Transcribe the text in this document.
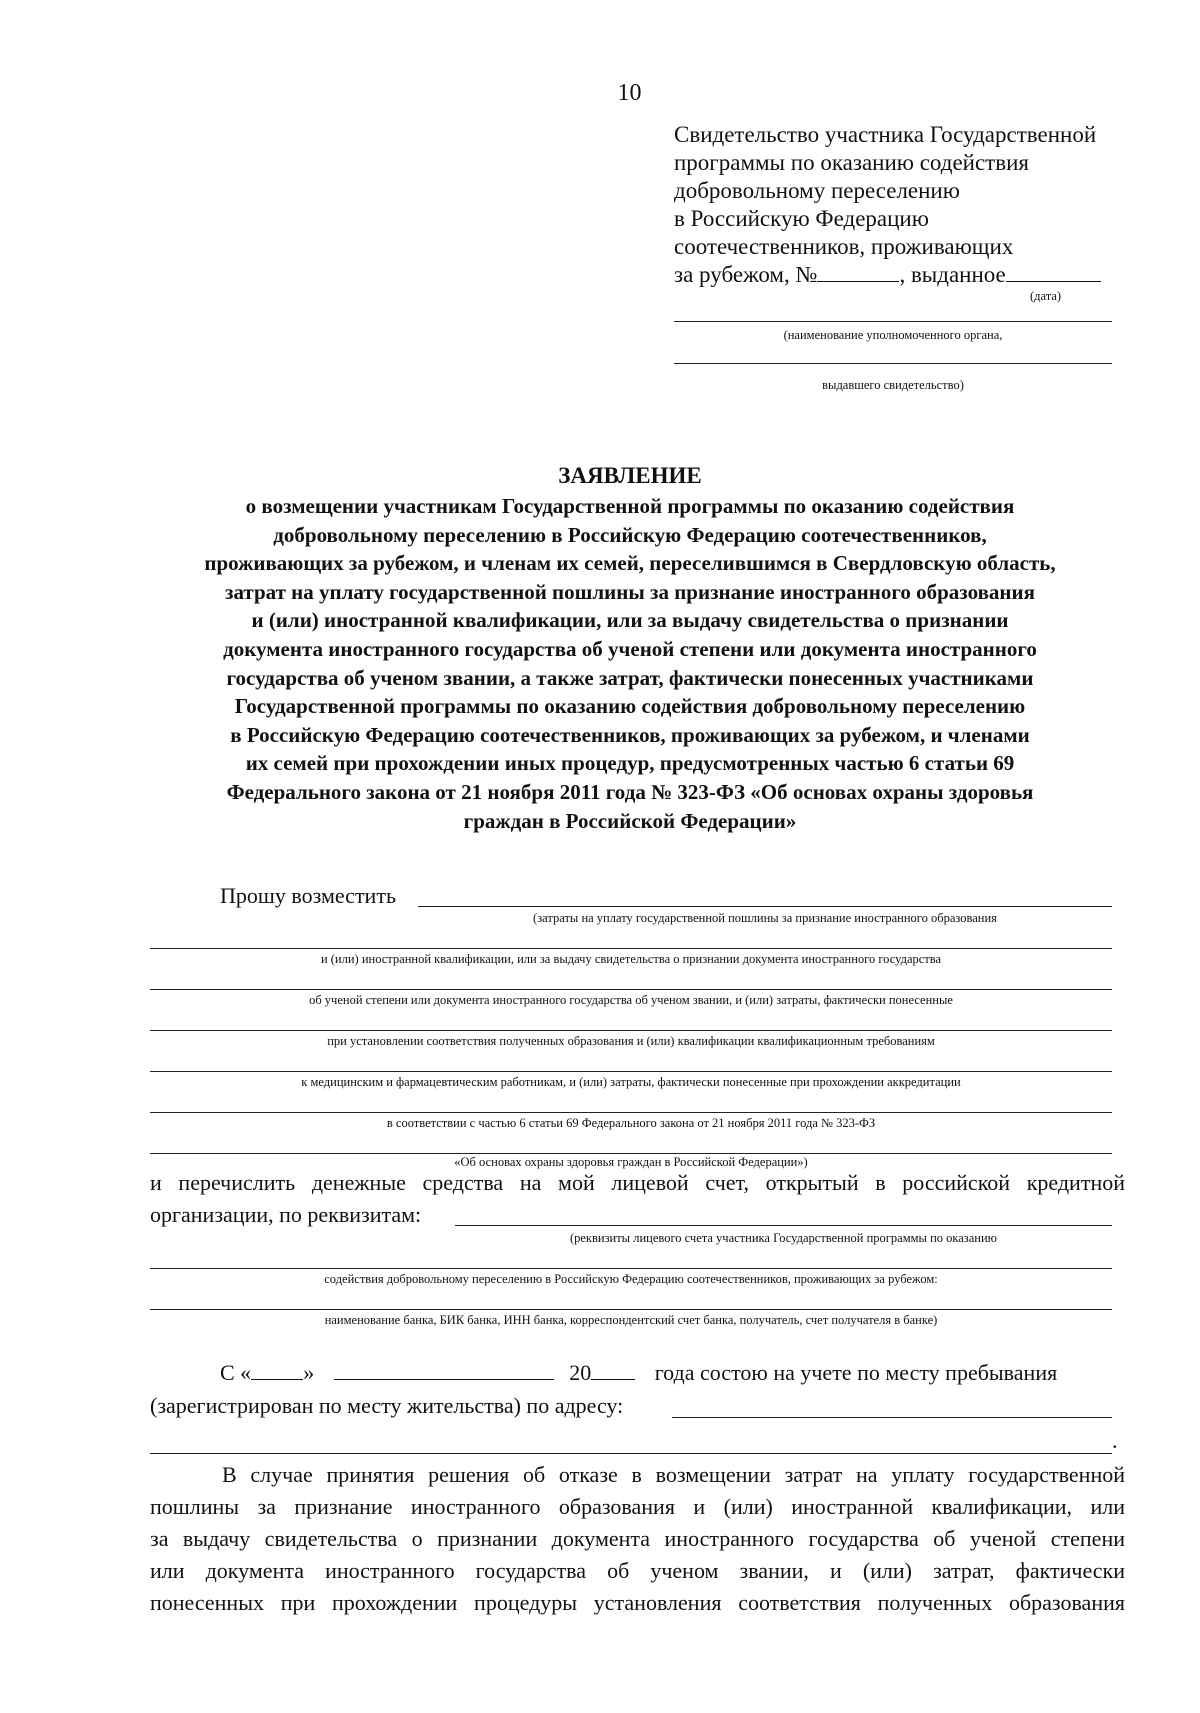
10
Свидетельство участника Государственной
программы по оказанию содействия
добровольному переселению
в Российскую Федерацию
соотечественников, проживающих
за рубежом, №	, выданное
(дата)
(наименование уполномоченного органа,
выдавшего свидетельство)
ЗАЯВЛЕНИЕ
о возмещении участникам Государственной программы по оказанию содействия
добровольному переселению в Российскую Федерацию соотечественников,
проживающих за рубежом, и членам их семей, переселившимся в Свердловскую область,
затрат на уплату государственной пошлины за признание иностранного образования
и (или) иностранной квалификации, или за выдачу свидетельства о признании
документа иностранного государства об ученой степени или документа иностранного
государства об ученом звании, а также затрат, фактически понесенных участниками
Государственной программы по оказанию содействия добровольному переселению
в Российскую Федерацию соотечественников, проживающих за рубежом, и членами
их семей при прохождении иных процедур, предусмотренных частью 6 статьи 69
Федерального закона от 21 ноября 2011 года № 323-ФЗ «Об основах охраны здоровья
граждан в Российской Федерации»
Прошу возместить
(затраты на уплату государственной пошлины за признание иностранного образования
и (или) иностранной квалификации, или за выдачу свидетельства о признании документа иностранного государства
об ученой степени или документа иностранного государства об ученом звании, и (или) затраты, фактически понесенные
при установлении соответствия полученных образования и (или) квалификации квалификационным требованиям
к медицинским и фармацевтическим работникам, и (или) затраты, фактически понесенные при прохождении аккредитации
в соответствии с частью 6 статьи 69 Федерального закона от 21 ноября 2011 года № 323-ФЗ
«Об основах охраны здоровья граждан в Российской Федерации»)
и перечислить денежные средства на мой лицевой счет, открытый в российской кредитной
организации, по реквизитам:
(реквизиты лицевого счета участника Государственной программы по оказанию
содействия добровольному переселению в Российскую Федерацию соотечественников, проживающих за рубежом:
наименование банка, БИК банка, ИНН банка, корреспондентский счет банка, получатель, счет получателя в банке)
С « »	20	года состою на учете по месту пребывания
(зарегистрирован по месту жительства) по адресу:
.
В случае принятия решения об отказе в возмещении затрат на уплату государственной
пошлины за признание иностранного образования и (или) иностранной квалификации, или
за выдачу свидетельства о признании документа иностранного государства об ученой степени
или документа иностранного государства об ученом звании, и (или) затрат, фактически
понесенных при прохождении процедуры установления соответствия полученных образования
